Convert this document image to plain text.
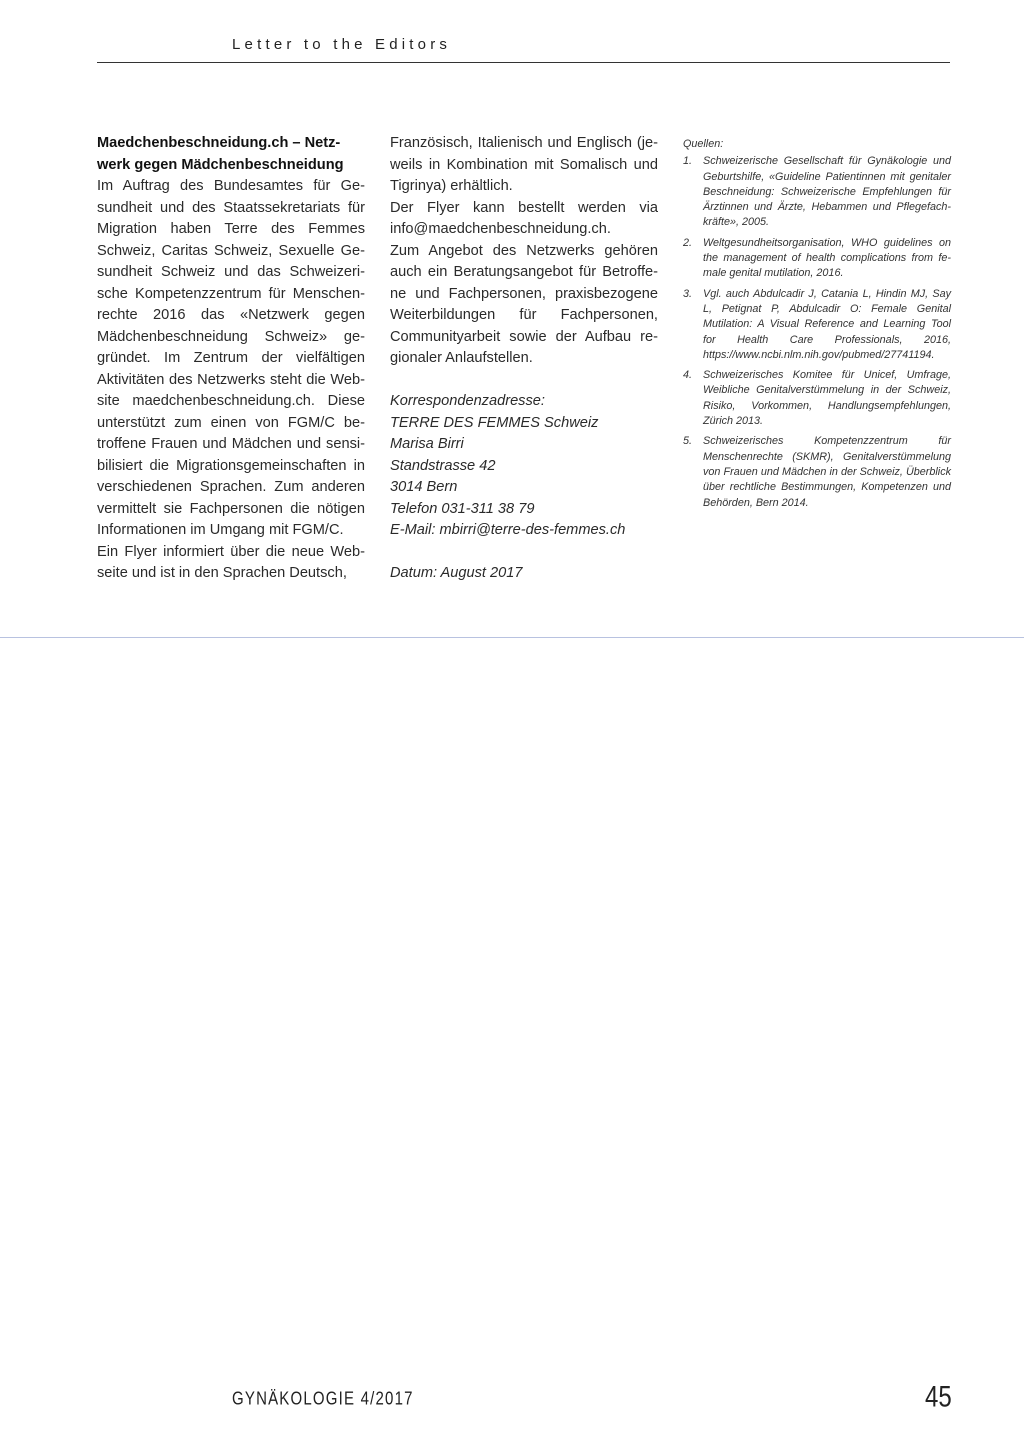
Letter to the Editors

Maedchenbeschneidung.ch – Netz-
werk gegen Mädchenbeschneidung

Im Auftrag des Bundesamtes für Gesundheit und des Staatssekretariats für Migration haben Terre des Femmes Schweiz, Caritas Schweiz, Sexuelle Gesundheit Schweiz und das Schweizerische Kompetenzzentrum für Menschenrechte 2016 das «Netzwerk gegen Mädchenbeschneidung Schweiz» gegründet. Im Zentrum der vielfältigen Aktivitäten des Netzwerks steht die Website maedchenbeschneidung.ch. Diese unterstützt zum einen von FGM/C betroffene Frauen und Mädchen und sensibilisiert die Migrationsgemeinschaften in verschiedenen Sprachen. Zum anderen vermittelt sie Fachpersonen die nötigen Informationen im Umgang mit FGM/C.

Ein Flyer informiert über die neue Webseite und ist in den Sprachen Deutsch,

Französisch, Italienisch und Englisch (jeweils in Kombination mit Somalisch und Tigrinya) erhältlich.

Der Flyer kann bestellt werden via info@maedchenbeschneidung.ch.

Zum Angebot des Netzwerks gehören auch ein Beratungsangebot für Betroffene und Fachpersonen, praxisbezogene Weiterbildungen für Fachpersonen, Communityarbeit sowie der Aufbau regionaler Anlaufstellen.

Korrespondenzadresse:

TERRE DES FEMMES Schweiz

Marisa Birri

Standstrasse 42

3014 Bern

Telefon 031-311 38 79

E-Mail: mbirri@terre-des-femmes.ch

Datum: August 2017

Quellen:

1. Schweizerische Gesellschaft für Gynäkologie und Geburtshilfe, «Guideline Patientinnen mit genitaler Beschneidung: Schweizerische Empfehlungen für Ärztinnen und Ärzte, Hebammen und Pflegefachkräfte», 2005.
2. Weltgesundheitsorganisation, WHO guidelines on the management of health complications from female genital mutilation, 2016.
3. Vgl. auch Abdulcadir J, Catania L, Hindin MJ, Say L, Petignat P, Abdulcadir O: Female Genital Mutilation: A Visual Reference and Learning Tool for Health Care Professionals, 2016, https://www.ncbi.nlm.nih.gov/pubmed/27741194.
4. Schweizerisches Komitee für Unicef, Umfrage, Weibliche Genitalverstümmelung in der Schweiz, Risiko, Vorkommen, Handlungsempfehlungen, Zürich 2013.
5. Schweizerisches Kompetenzzentrum für Menschenrechte (SKMR), Genitalverstümmelung von Frauen und Mädchen in der Schweiz, Überblick über rechtliche Bestimmungen, Kompetenzen und Behörden, Bern 2014.
GYNÄKOLOGIE 4/2017	45
